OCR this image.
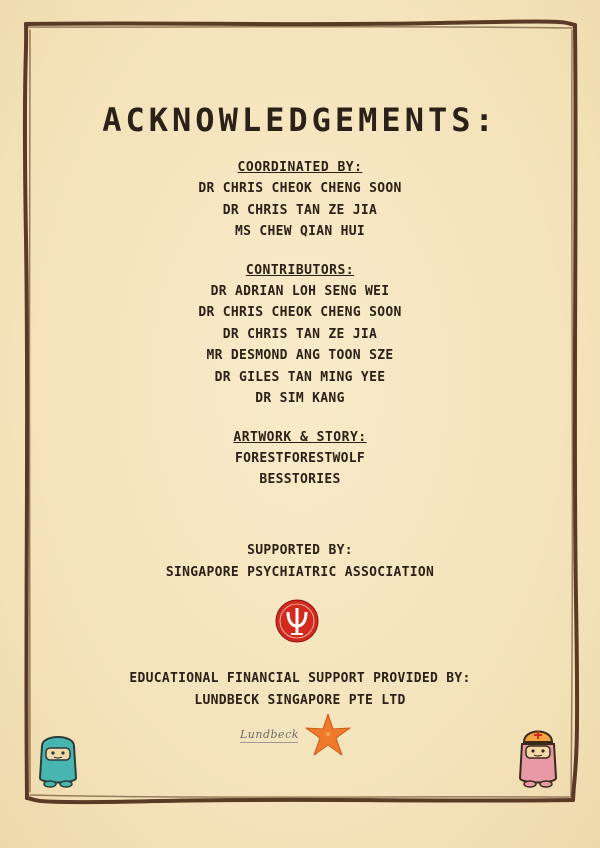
ACKNOWLEDGEMENTS:
COORDINATED BY:
DR CHRIS CHEOK CHENG SOON
DR CHRIS TAN ZE JIA
MS CHEW QIAN HUI
CONTRIBUTORS:
DR ADRIAN LOH SENG WEI
DR CHRIS CHEOK CHENG SOON
DR CHRIS TAN ZE JIA
MR DESMOND ANG TOON SZE
DR GILES TAN MING YEE
DR SIM KANG
ARTWORK & STORY:
FORESTFORESTWOLF
BESSTORIES
SUPPORTED BY:
SINGAPORE PSYCHIATRIC ASSOCIATION
EDUCATIONAL FINANCIAL SUPPORT PROVIDED BY:
LUNDBECK SINGAPORE PTE LTD
Lundbeck
